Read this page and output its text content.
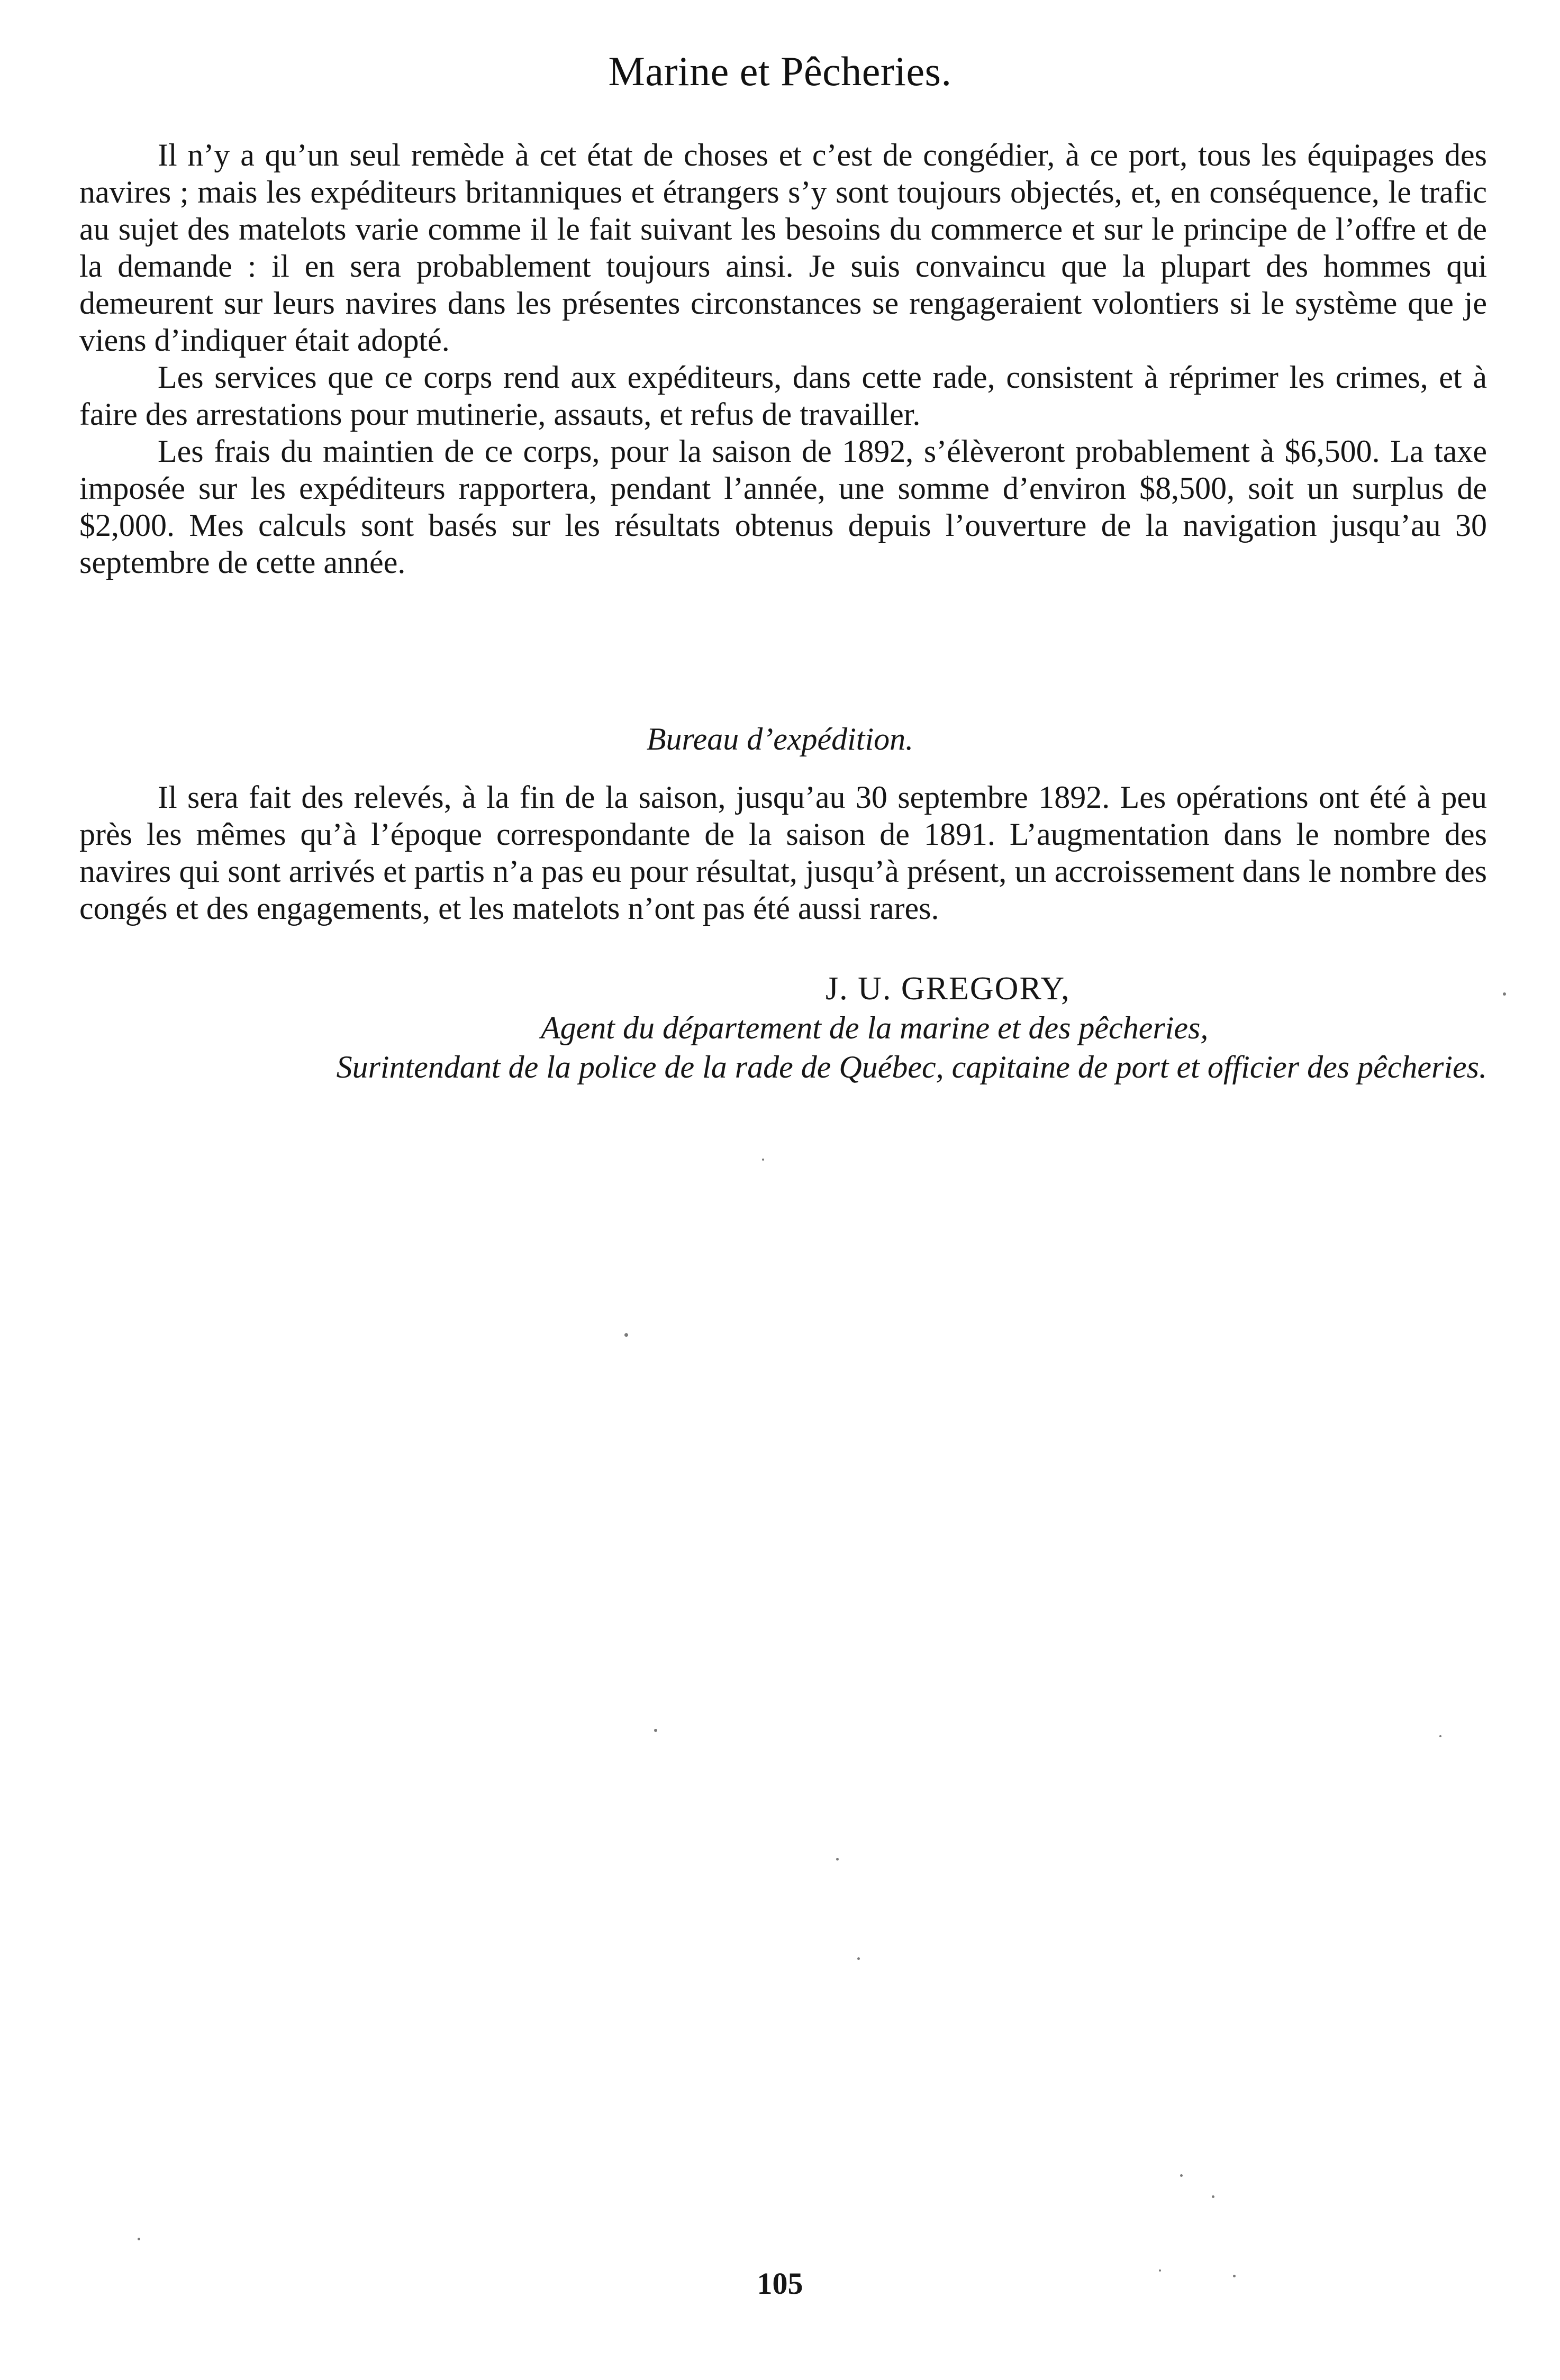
Marine et Pêcheries.

Il n’y a qu’un seul remède à cet état de choses et c’est de congédier, à ce port, tous les équipages des navires ; mais les expéditeurs britanniques et étrangers s’y sont toujours objectés, et, en conséquence, le trafic au sujet des matelots varie comme il le fait suivant les besoins du commerce et sur le principe de l’offre et de la demande : il en sera probablement toujours ainsi. Je suis convaincu que la plupart des hommes qui demeurent sur leurs navires dans les présentes circonstances se rengageraient volontiers si le système que je viens d’indiquer était adopté.

Les services que ce corps rend aux expéditeurs, dans cette rade, consistent à réprimer les crimes, et à faire des arrestations pour mutinerie, assauts, et refus de travailler.

Les frais du maintien de ce corps, pour la saison de 1892, s’élèveront probablement à $6,500. La taxe imposée sur les expéditeurs rapportera, pendant l’année, une somme d’environ $8,500, soit un surplus de $2,000. Mes calculs sont basés sur les résultats obtenus depuis l’ouverture de la navigation jusqu’au 30 septembre de cette année.

Bureau d’expédition.

Il sera fait des relevés, à la fin de la saison, jusqu’au 30 septembre 1892. Les opérations ont été à peu près les mêmes qu’à l’époque correspondante de la saison de 1891. L’augmentation dans le nombre des navires qui sont arrivés et partis n’a pas eu pour résultat, jusqu’à présent, un accroissement dans le nombre des congés et des engagements, et les matelots n’ont pas été aussi rares.

J. U. GREGORY,
Agent du département de la marine et des pêcheries,
Surintendant de la police de la rade de Québec, capitaine de port et officier des pêcheries.
105
